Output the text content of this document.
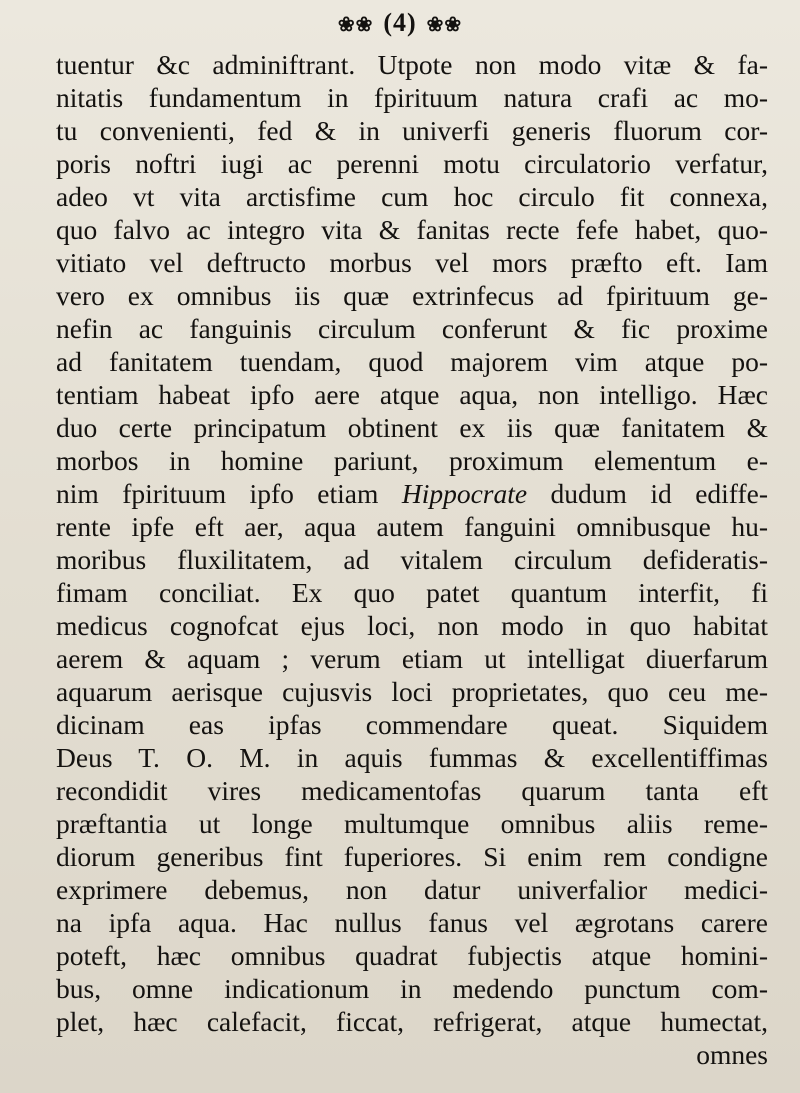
❀❀ (4) ❀❀
tuentur &c adminiftrant. Utpote non modo vitæ & fa-
nitatis fundamentum in fpirituum natura crafi ac mo-
tu convenienti, fed & in univerfi generis fluorum cor-
poris noftri iugi ac perenni motu circulatorio verfatur,
adeo vt vita arctisfime cum hoc circulo fit connexa,
quo falvo ac integro vita & fanitas recte fefe habet, quo-
vitiato vel deftructo morbus vel mors præfto eft. Iam
vero ex omnibus iis quæ extrinfecus ad fpirituum ge-
nefin ac fanguinis circulum conferunt & fic proxime
ad fanitatem tuendam, quod majorem vim atque po-
tentiam habeat ipfo aere atque aqua, non intelligo. Hæc
duo certe principatum obtinent ex iis quæ fanitatem &
morbos in homine pariunt, proximum elementum e-
nim fpirituum ipfo etiam Hippocrate dudum id ediffe-
rente ipfe eft aer, aqua autem fanguini omnibusque hu-
moribus fluxilitatem, ad vitalem circulum defideratis-
fimam conciliat. Ex quo patet quantum interfit, fi
medicus cognofcat ejus loci, non modo in quo habitat
aerem & aquam ; verum etiam ut intelligat diuerfarum
aquarum aerisque cujusvis loci proprietates, quo ceu me-
dicinam eas ipfas commendare queat. Siquidem
Deus T. O. M. in aquis fummas & excellentiffimas
recondidit vires medicamentofas quarum tanta eft
præftantia ut longe multumque omnibus aliis reme-
diorum generibus fint fuperiores. Si enim rem condigne
exprimere debemus, non datur univerfalior medici-
na ipfa aqua. Hac nullus fanus vel ægrotans carere
poteft, hæc omnibus quadrat fubjectis atque homini-
bus, omne indicationum in medendo punctum com-
plet, hæc calefacit, ficcat, refrigerat, atque humectat,
omnes
